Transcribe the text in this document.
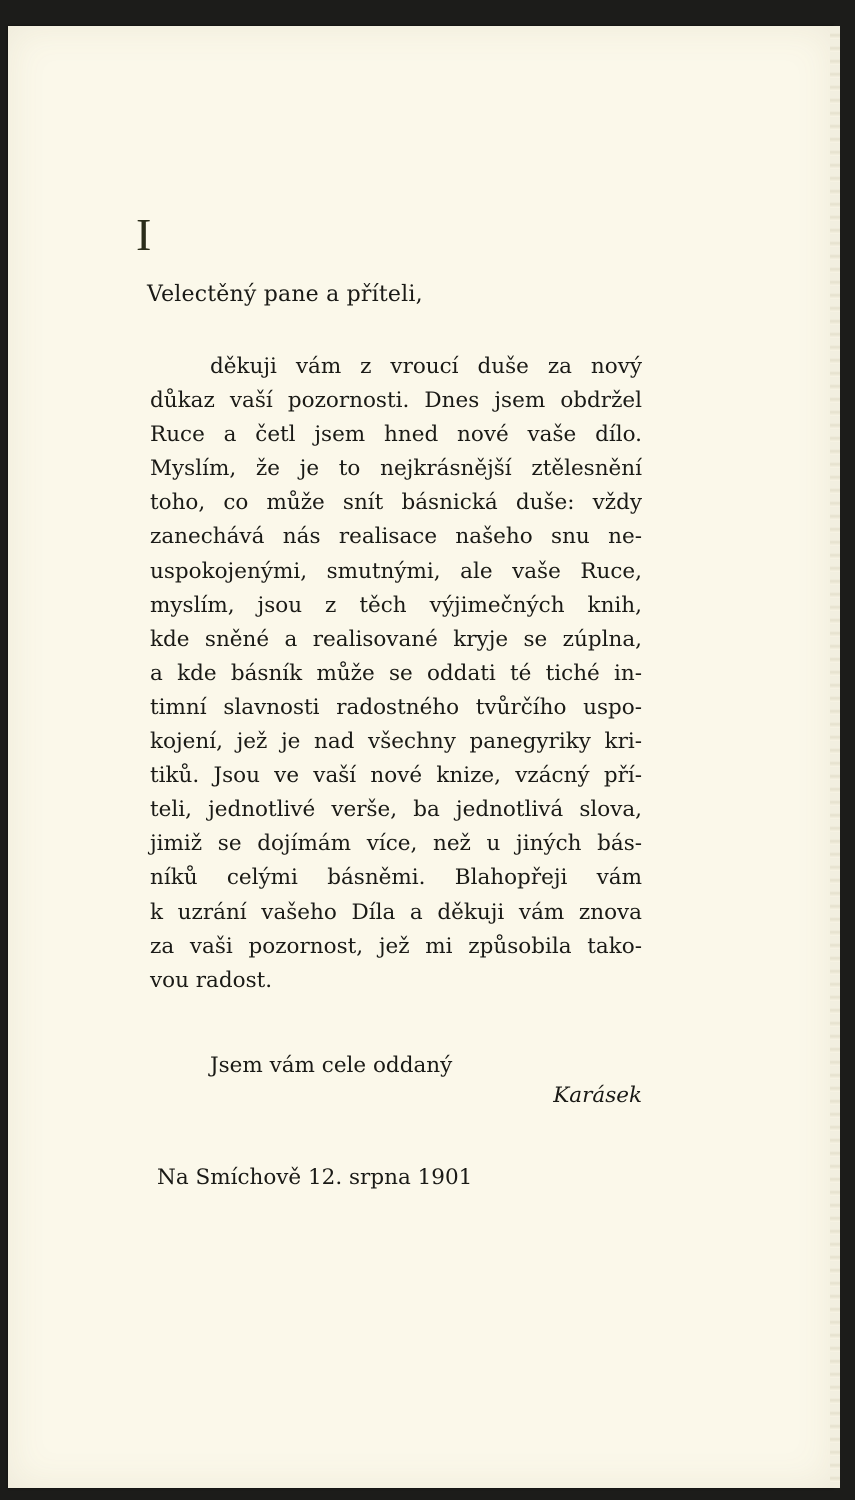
I
Velectěný pane a příteli,
děkuji vám z vroucí duše za nový
důkaz vaší pozornosti. Dnes jsem obdržel
Ruce a četl jsem hned nové vaše dílo.
Myslím, že je to nejkrásnější ztělesnění
toho, co může snít básnická duše: vždy
zanechává nás realisace našeho snu ne-
uspokojenými, smutnými, ale vaše Ruce,
myslím, jsou z těch výjimečných knih,
kde sněné a realisované kryje se zúplna,
a kde básník může se oddati té tiché in-
timní slavnosti radostného tvůrčího uspo-
kojení, jež je nad všechny panegyriky kri-
tiků. Jsou ve vaší nové knize, vzácný pří-
teli, jednotlivé verše, ba jednotlivá slova,
jimiž se dojímám více, než u jiných bás-
níků celými básněmi. Blahopřeji vám
k uzrání vašeho Díla a děkuji vám znova
za vaši pozornost, jež mi způsobila tako-
vou radost.
Jsem vám cele oddaný
Karásek
Na Smíchově 12. srpna 1901
